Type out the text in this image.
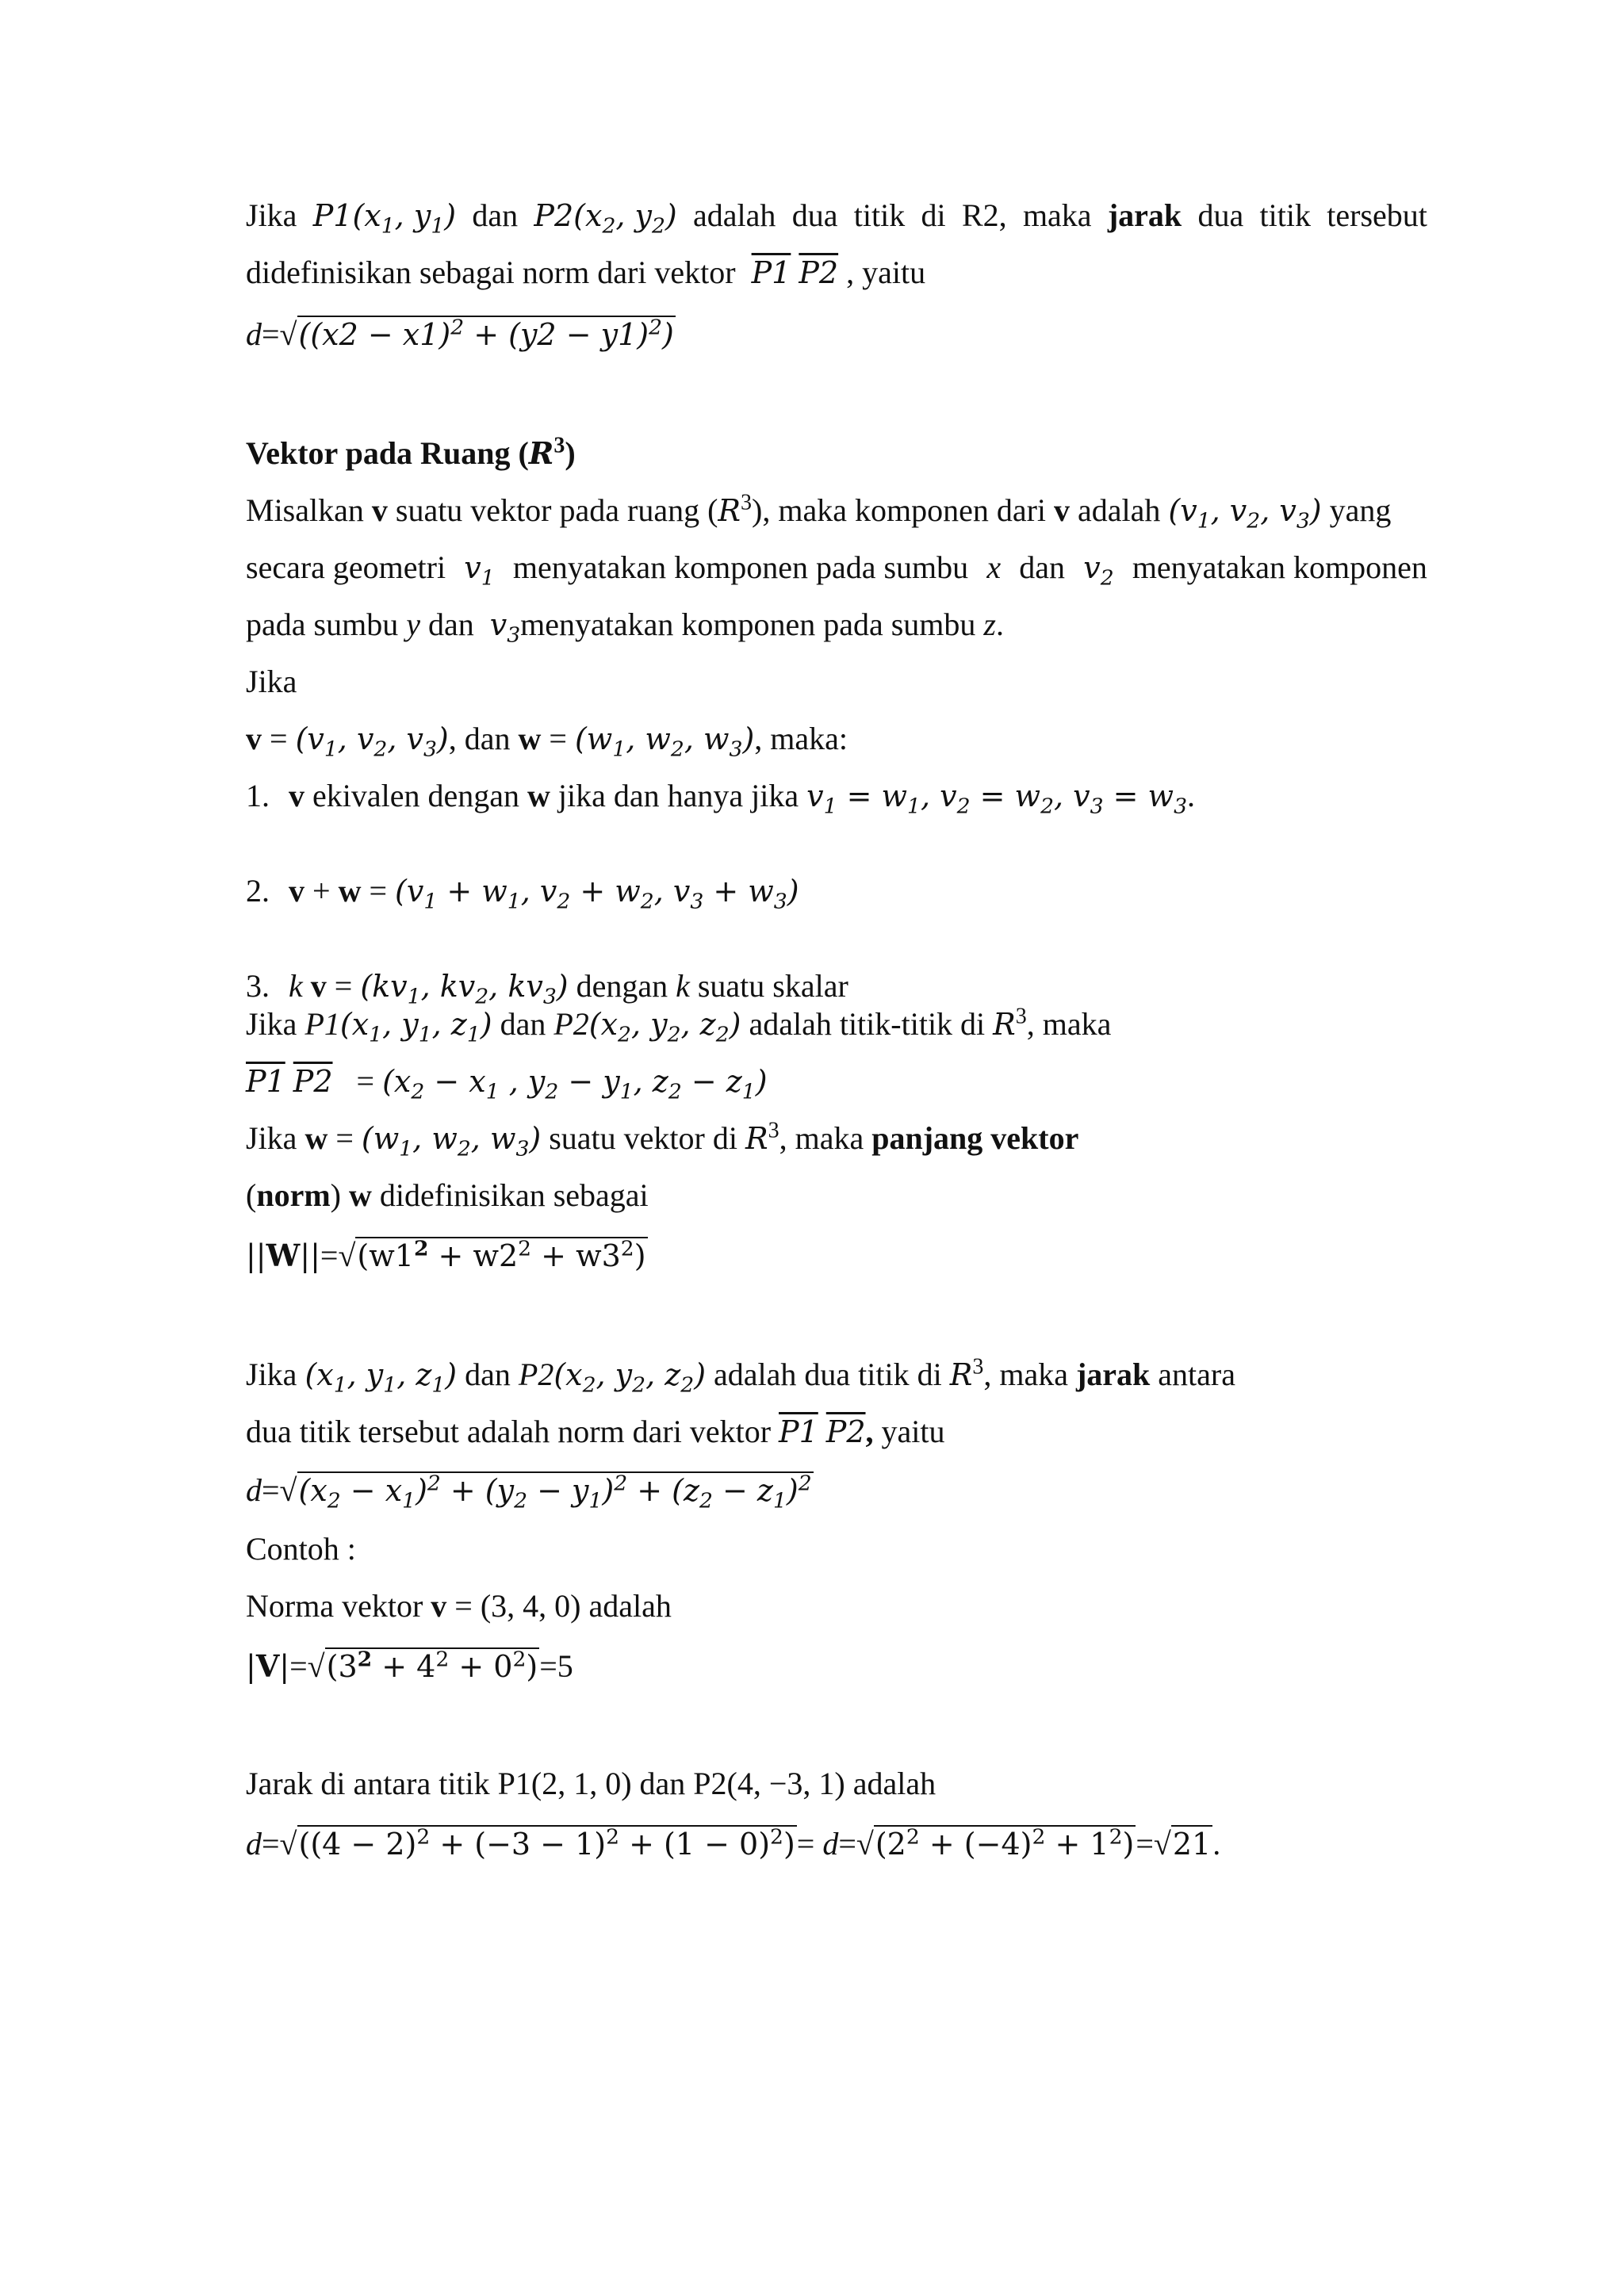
Jika $P1(x_1$, $y_1$) dan $P2(x_2$, $y_2$) adalah dua titik di R2, maka jarak dua titik tersebut
didefinisikan sebagai norm dari vektor P1 P2 , yaitu
$d=√((x2 - x1)^2 + (y2 - y1)^2)$
Vektor pada Ruang $(R^3)$
Misalkan v suatu vektor pada ruang $(R^3)$, maka komponen dari v adalah ($v_1$, $v_2$, $v_3$) yang
secara geometri $v_1$ menyatakan komponen pada sumbu x dan $v_2$ menyatakan komponen
pada sumbu y dan $v_3menyatakan$ komponen pada sumbu z.
Jika
$v = (v_1$, $v_2$, $v_3$), dan $w = (w_1$, $w_2$, $w_3$), maka:
1. v ekivalen dengan w jika dan hanya jika $v_1 = w_1$, $v_2 = w_2$, $v_3 = w_3$.
2. $v + w = (v_1 + w_1$, $v_2 + w_2$, $v_3 + w_3$)
3. k $v = (kv_1$, $kv_2$, $kv_3$) dengan k suatu skalar
Jika $P1(x_1$, $y_1$, $z_1$) dan $P2(x_2$, $y_2$, $z_2$) adalah titik-titik di $R^3$, maka
P1 $P2 = (x_2 - x_1$ , $y_2 - y_1$, $z_2 - z_1$)
Jika $w = (w_1$, $w_2$, $w_3$) suatu vektor di $R^3$, maka panjang vektor
(norm) w didefinisikan sebagai
$||W||=√(w1^2 + w2^2 + w3^2)$
Jika ($x_1$, $y_1$, $z_1$) dan $P2(x_2$, $y_2$, $z_2$) adalah dua titik di $R^3$, maka jarak antara
dua titik tersebut adalah norm dari vektor P1 P2, yaitu
$d=√(x_2 - x_1)^2 + (y_2 - y_1)^2 + (z_2 - z_1)^2$
Contoh :
Norma vektor v = (3, 4, 0) adalah
$|V|=√(3^2 + 4^2 + 0^2)=5$
Jarak di antara titik P1(2, 1, 0) dan P2(4, −3, 1) adalah
$d=√((4 - 2)^2 + (-3 - 1)^2 + (1 - 0)^2)= d=√(2^2 + (-4)^2 + 1^2)=√21$.
